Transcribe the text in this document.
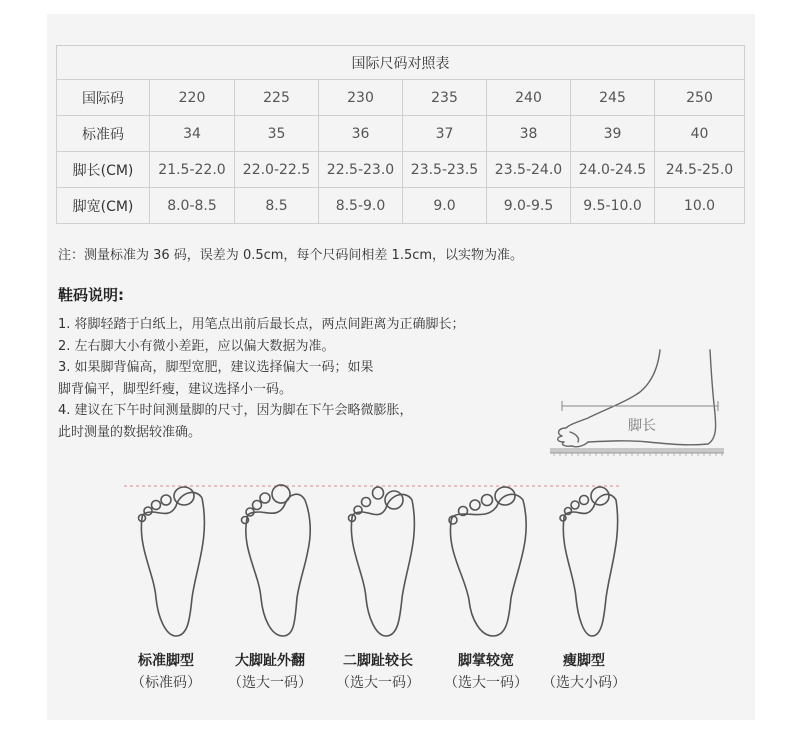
国际尺码对照表							
国际码	220	225	230	235	240	245	250
标准码	34	35	36	37	38	39	40
脚长(CM)	21.5-22.0	22.0-22.5	22.5-23.0	23.5-23.5	23.5-24.0	24.0-24.5	24.5-25.0
脚宽(CM)	8.0-8.5	8.5	8.5-9.0	9.0	9.0-9.5	9.5-10.0	10.0
注：测量标准为 36 码，误差为 0.5cm，每个尺码间相差 1.5cm，以实物为准。
鞋码说明:
1. 将脚轻踏于白纸上，用笔点出前后最长点，两点间距离为正确脚长；
2. 左右脚大小有微小差距，应以偏大数据为准。
3. 如果脚背偏高，脚型宽肥，建议选择偏大一码；如果
脚背偏平，脚型纤瘦，建议选择小一码。
4. 建议在下午时间测量脚的尺寸，因为脚在下午会略微膨胀，
此时测量的数据较准确。	脚长
标准脚型
（标准码）
大脚趾外翻
（选大一码）
二脚趾较长
（选大一码）
脚掌较宽
（选大一码）
瘦脚型
（选大小码）
